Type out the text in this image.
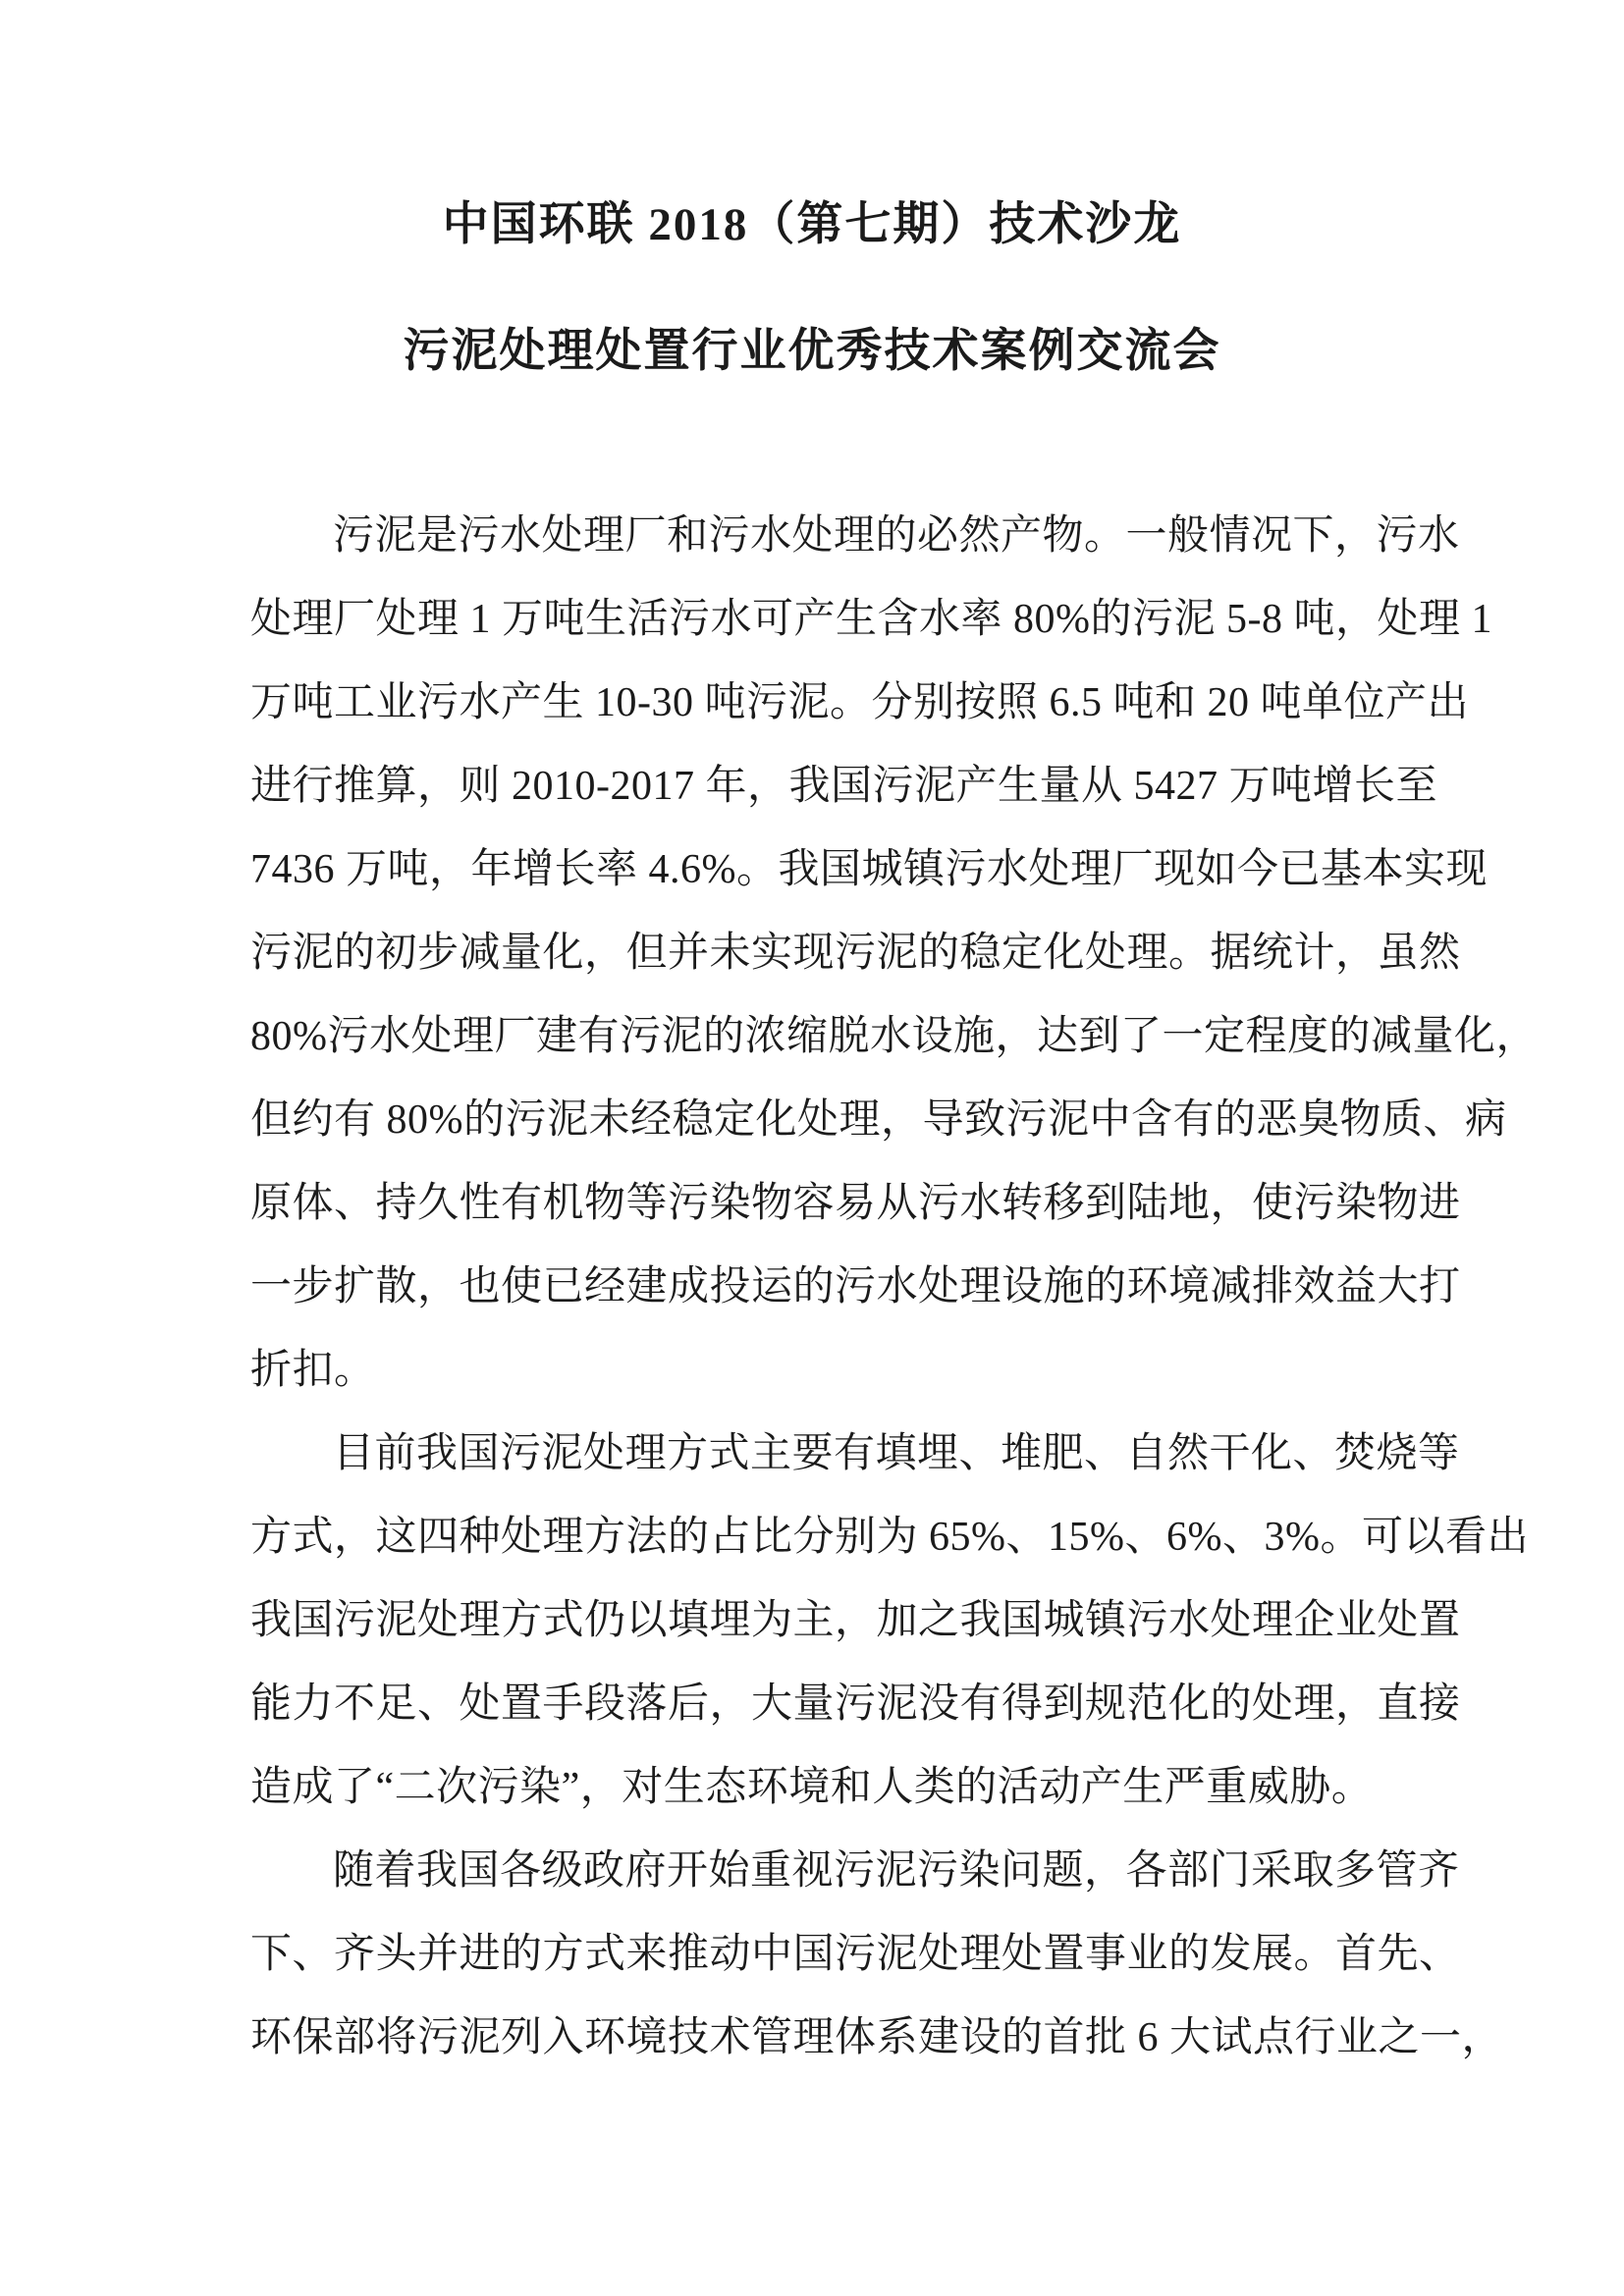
中国环联 2018（第七期）技术沙龙
污泥处理处置行业优秀技术案例交流会
污泥是污水处理厂和污水处理的必然产物。一般情况下，污水
处理厂处理 1 万吨生活污水可产生含水率 80%的污泥 5-8 吨，处理 1
万吨工业污水产生 10-30 吨污泥。分别按照 6.5 吨和 20 吨单位产出
进行推算，则 2010-2017 年，我国污泥产生量从 5427 万吨增长至
7436 万吨，年增长率 4.6%。我国城镇污水处理厂现如今已基本实现
污泥的初步减量化，但并未实现污泥的稳定化处理。据统计，虽然
80%污水处理厂建有污泥的浓缩脱水设施，达到了一定程度的减量化，
但约有 80%的污泥未经稳定化处理，导致污泥中含有的恶臭物质、病
原体、持久性有机物等污染物容易从污水转移到陆地，使污染物进
一步扩散，也使已经建成投运的污水处理设施的环境减排效益大打
折扣。
目前我国污泥处理方式主要有填埋、堆肥、自然干化、焚烧等
方式，这四种处理方法的占比分别为 65%、15%、6%、3%。可以看出
我国污泥处理方式仍以填埋为主，加之我国城镇污水处理企业处置
能力不足、处置手段落后，大量污泥没有得到规范化的处理，直接
造成了“二次污染”，对生态环境和人类的活动产生严重威胁。
随着我国各级政府开始重视污泥污染问题，各部门采取多管齐
下、齐头并进的方式来推动中国污泥处理处置事业的发展。首先、
环保部将污泥列入环境技术管理体系建设的首批 6 大试点行业之一，
